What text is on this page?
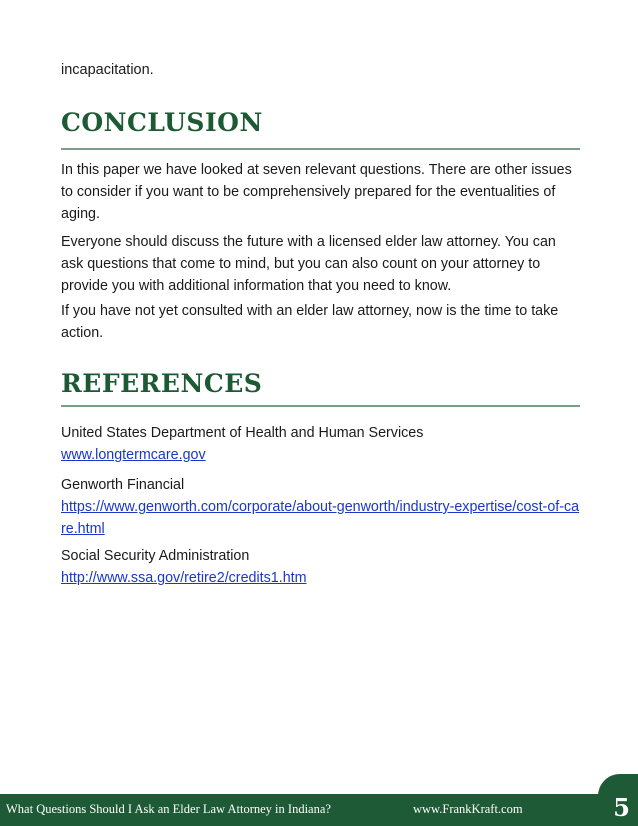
incapacitation.

CONCLUSION

In this paper we have looked at seven relevant questions. There are other issues to consider if you want to be comprehensively prepared for the eventualities of aging.

Everyone should discuss the future with a licensed elder law attorney. You can ask questions that come to mind, but you can also count on your attorney to provide you with additional information that you need to know.

If you have not yet consulted with an elder law attorney, now is the time to take action.

REFERENCES
United States Department of Health and Human Services
www.longtermcare.gov
Genworth Financial
https://www.genworth.com/corporate/about-genworth/industry-expertise/cost-of-care.html
Social Security Administration
http://www.ssa.gov/retire2/credits1.htm
What Questions Should I Ask an Elder Law Attorney in Indiana?	www.FrankKraft.com	5
